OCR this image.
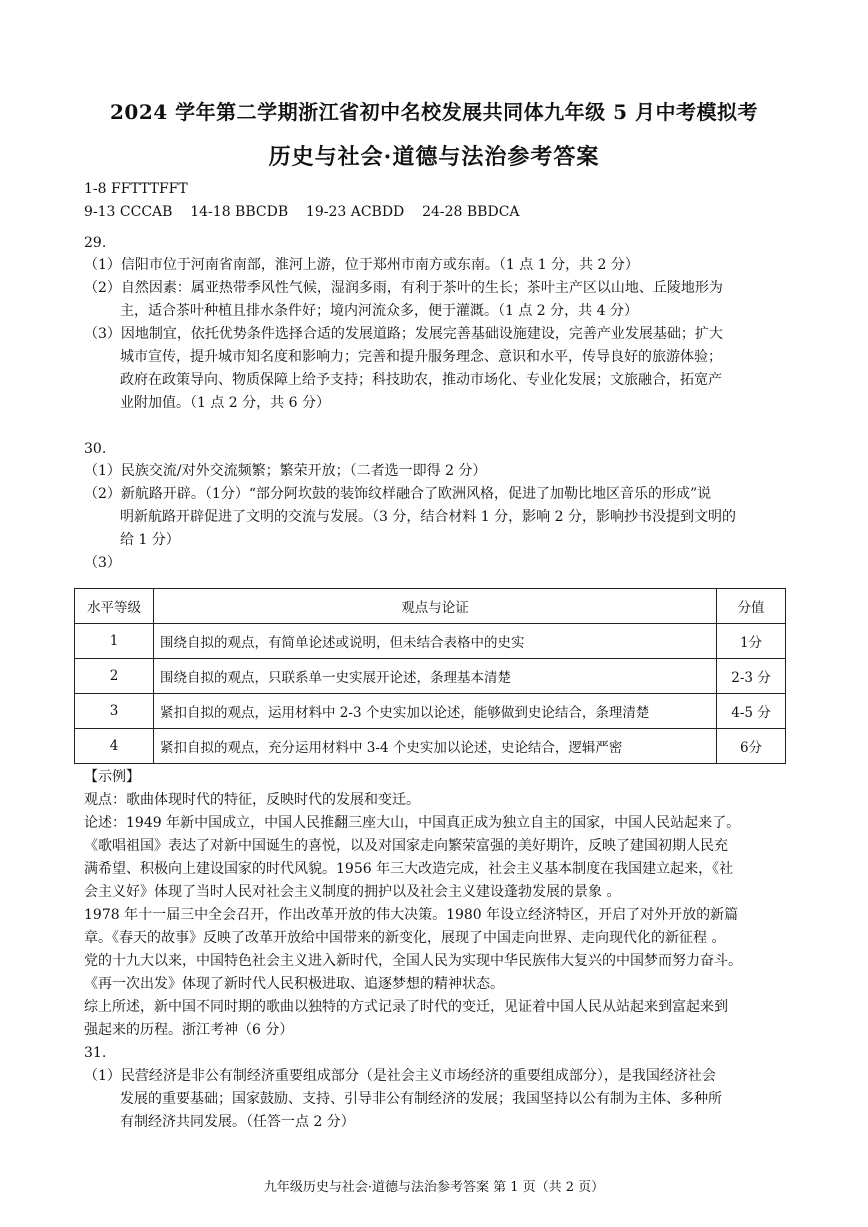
2024 学年第二学期浙江省初中名校发展共同体九年级 5 月中考模拟考
历史与社会·道德与法治参考答案
1-8 FFTTTFFT
9-13 CCCAB    14-18 BBCDB    19-23 ACBDD    24-28 BBDCA
29.
（1）信阳市位于河南省南部，淮河上游，位于郑州市南方或东南。（1 点 1 分，共 2 分）
（2）自然因素：属亚热带季风性气候，湿润多雨，有利于茶叶的生长；茶叶主产区以山地、丘陵地形为
主，适合茶叶种植且排水条件好；境内河流众多，便于灌溉。（1 点 2 分，共 4 分）
（3）因地制宜，依托优势条件选择合适的发展道路；发展完善基础设施建设，完善产业发展基础；扩大
城市宣传，提升城市知名度和影响力；完善和提升服务理念、意识和水平，传导良好的旅游体验；
政府在政策导向、物质保障上给予支持；科技助农，推动市场化、专业化发展；文旅融合，拓宽产
业附加值。（1 点 2 分，共 6 分）
30.
（1）民族交流/对外交流频繁；繁荣开放；（二者选一即得 2 分）
（2）新航路开辟。（1分）“部分阿坎鼓的装饰纹样融合了欧洲风格，促进了加勒比地区音乐的形成”说
明新航路开辟促进了文明的交流与发展。（3 分，结合材料 1 分，影响 2 分，影响抄书没提到文明的
给 1 分）
（3）
水平等级	观点与论证	分值
1	围绕自拟的观点，有简单论述或说明，但未结合表格中的史实	1分
2	围绕自拟的观点，只联系单一史实展开论述，条理基本清楚	2-3 分
3	紧扣自拟的观点，运用材料中 2-3 个史实加以论述，能够做到史论结合，条理清楚	4-5 分
4	紧扣自拟的观点，充分运用材料中 3-4 个史实加以论述，史论结合，逻辑严密	6分
【示例】
观点：歌曲体现时代的特征，反映时代的发展和变迁。
论述：1949 年新中国成立，中国人民推翻三座大山，中国真正成为独立自主的国家，中国人民站起来了。
《歌唱祖国》表达了对新中国诞生的喜悦，以及对国家走向繁荣富强的美好期许，反映了建国初期人民充
满希望、积极向上建设国家的时代风貌。1956 年三大改造完成，社会主义基本制度在我国建立起来，《社
会主义好》体现了当时人民对社会主义制度的拥护以及社会主义建设蓬勃发展的景象 。
1978 年十一届三中全会召开，作出改革开放的伟大决策。1980 年设立经济特区，开启了对外开放的新篇
章。《春天的故事》反映了改革开放给中国带来的新变化，展现了中国走向世界、走向现代化的新征程 。
党的十九大以来，中国特色社会主义进入新时代，全国人民为实现中华民族伟大复兴的中国梦而努力奋斗。
《再一次出发》体现了新时代人民积极进取、追逐梦想的精神状态。
综上所述，新中国不同时期的歌曲以独特的方式记录了时代的变迁，见证着中国人民从站起来到富起来到
强起来的历程。浙江考神（6 分）
31.
（1）民营经济是非公有制经济重要组成部分（是社会主义市场经济的重要组成部分），是我国经济社会
发展的重要基础；国家鼓励、支持、引导非公有制经济的发展；我国坚持以公有制为主体、多种所
有制经济共同发展。（任答一点 2 分）
九年级历史与社会·道德与法治参考答案 第 1 页（共 2 页）
